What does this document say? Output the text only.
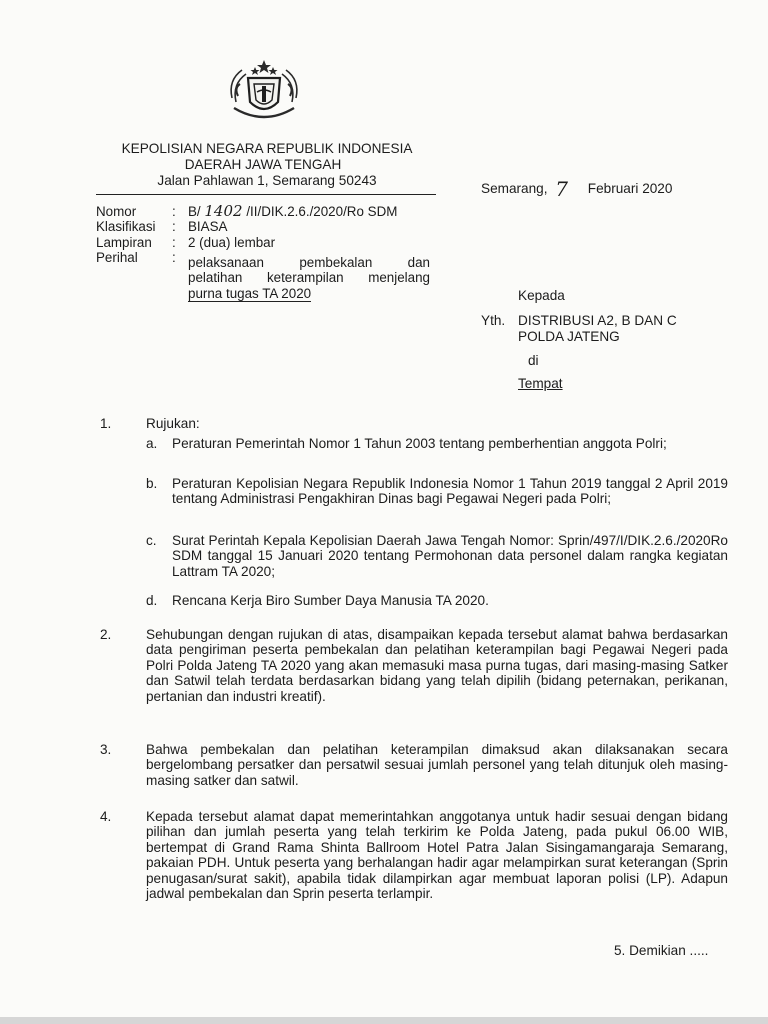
KEPOLISIAN NEGARA REPUBLIK INDONESIA
DAERAH JAWA TENGAH
Jalan Pahlawan 1, Semarang 50243
Semarang, 7 Februari 2020
Nomor	: B/ 1402 /II/DIK.2.6./2020/Ro SDM
Klasifikasi : BIASA
Lampiran : 2 (dua) lembar
Perihal	: pelaksanaan pembekalan dan
pelatihan keterampilan menjelang
purna tugas TA 2020	Kepada
Yth. DISTRIBUSI A2, B DAN C
POLDA JATENG
di
Tempat
1.	Rujukan:
a. Peraturan Pemerintah Nomor 1 Tahun 2003 tentang pemberhentian anggota Polri;
b. Peraturan Kepolisian Negara Republik Indonesia Nomor 1 Tahun 2019 tanggal 2 April 2019 tentang Administrasi Pengakhiran Dinas bagi Pegawai Negeri pada Polri;
c. Surat Perintah Kepala Kepolisian Daerah Jawa Tengah Nomor: Sprin/497/I/DIK.2.6./2020Ro SDM tanggal 15 Januari 2020 tentang Permohonan data personel dalam rangka kegiatan Lattram TA 2020;
d. Rencana Kerja Biro Sumber Daya Manusia TA 2020.
2.	Sehubungan dengan rujukan di atas, disampaikan kepada tersebut alamat bahwa berdasarkan data pengiriman peserta pembekalan dan pelatihan keterampilan bagi Pegawai Negeri pada Polri Polda Jateng TA 2020 yang akan memasuki masa purna tugas, dari masing-masing Satker dan Satwil telah terdata berdasarkan bidang yang telah dipilih (bidang peternakan, perikanan, pertanian dan industri kreatif).
3.	Bahwa pembekalan dan pelatihan keterampilan dimaksud akan dilaksanakan secara bergelombang persatker dan persatwil sesuai jumlah personel yang telah ditunjuk oleh masing-masing satker dan satwil.
4.	Kepada tersebut alamat dapat memerintahkan anggotanya untuk hadir sesuai dengan bidang pilihan dan jumlah peserta yang telah terkirim ke Polda Jateng, pada pukul 06.00 WIB, bertempat di Grand Rama Shinta Ballroom Hotel Patra Jalan Sisingamangaraja Semarang, pakaian PDH. Untuk peserta yang berhalangan hadir agar melampirkan surat keterangan (Sprin penugasan/surat sakit), apabila tidak dilampirkan agar membuat laporan polisi (LP). Adapun jadwal pembekalan dan Sprin peserta terlampir.
5. Demikian .....
